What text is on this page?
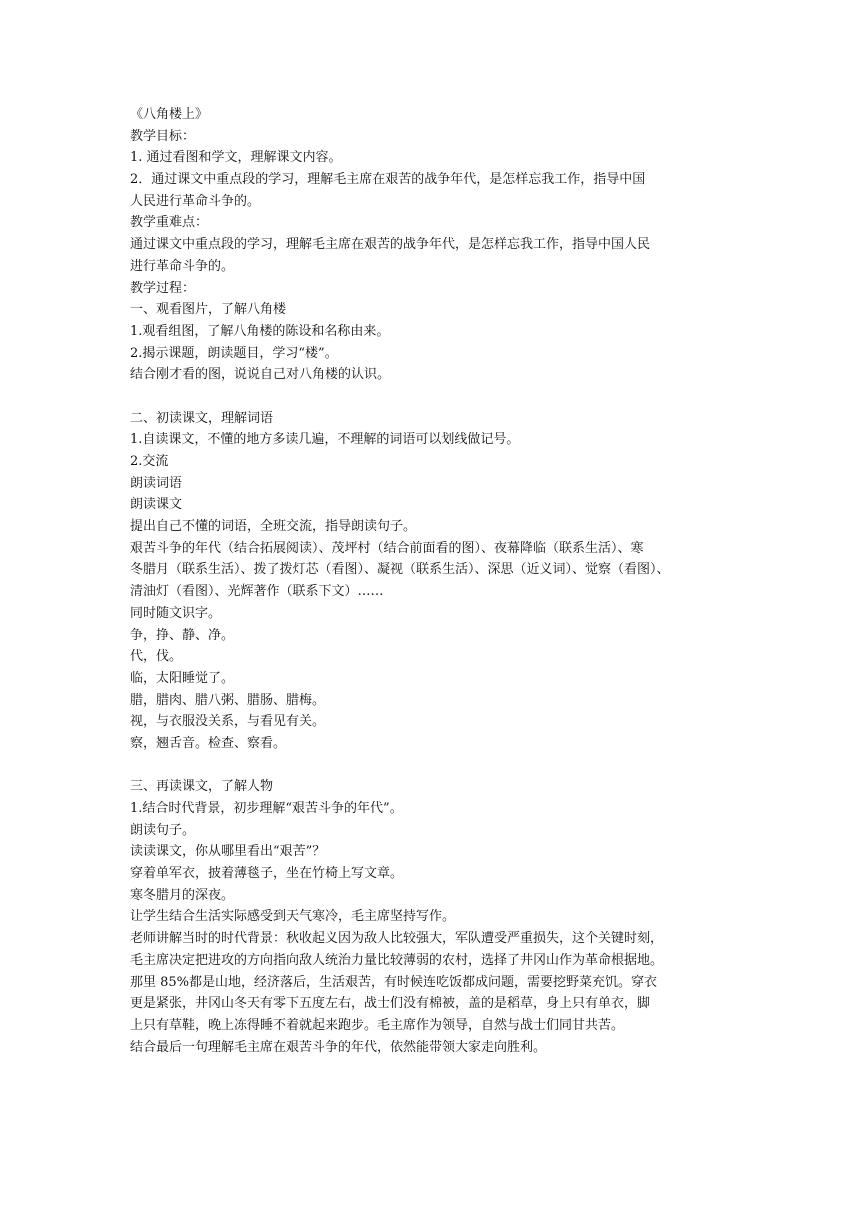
《八角楼上》
教学目标：
1. 通过看图和学文，理解课文内容。
2．通过课文中重点段的学习，理解毛主席在艰苦的战争年代，是怎样忘我工作，指导中国
人民进行革命斗争的。
教学重难点：
通过课文中重点段的学习，理解毛主席在艰苦的战争年代，是怎样忘我工作，指导中国人民
进行革命斗争的。
教学过程：
一、观看图片，了解八角楼
1.观看组图，了解八角楼的陈设和名称由来。
2.揭示课题，朗读题目，学习“楼”。
结合刚才看的图，说说自己对八角楼的认识。
二、初读课文，理解词语
1.自读课文，不懂的地方多读几遍，不理解的词语可以划线做记号。
2.交流
朗读词语
朗读课文
提出自己不懂的词语，全班交流，指导朗读句子。
艰苦斗争的年代（结合拓展阅读）、茂坪村（结合前面看的图）、夜幕降临（联系生活）、寒
冬腊月（联系生活）、拨了拨灯芯（看图）、凝视（联系生活）、深思（近义词）、觉察（看图）、
清油灯（看图）、光辉著作（联系下文）……
同时随文识字。
争，挣、静、净。
代，伐。
临，太阳睡觉了。
腊，腊肉、腊八粥、腊肠、腊梅。
视，与衣服没关系，与看见有关。
察，翘舌音。检查、察看。
三、再读课文，了解人物
1.结合时代背景，初步理解“艰苦斗争的年代”。
朗读句子。
读读课文，你从哪里看出“艰苦”？
穿着单军衣，披着薄毯子，坐在竹椅上写文章。
寒冬腊月的深夜。
让学生结合生活实际感受到天气寒冷，毛主席坚持写作。
老师讲解当时的时代背景：秋收起义因为敌人比较强大，军队遭受严重损失，这个关键时刻，
毛主席决定把进攻的方向指向敌人统治力量比较薄弱的农村，选择了井冈山作为革命根据地。
那里 85%都是山地，经济落后，生活艰苦，有时候连吃饭都成问题，需要挖野菜充饥。穿衣
更是紧张，井冈山冬天有零下五度左右，战士们没有棉被，盖的是稻草，身上只有单衣，脚
上只有草鞋，晚上冻得睡不着就起来跑步。毛主席作为领导，自然与战士们同甘共苦。
结合最后一句理解毛主席在艰苦斗争的年代，依然能带领大家走向胜利。
